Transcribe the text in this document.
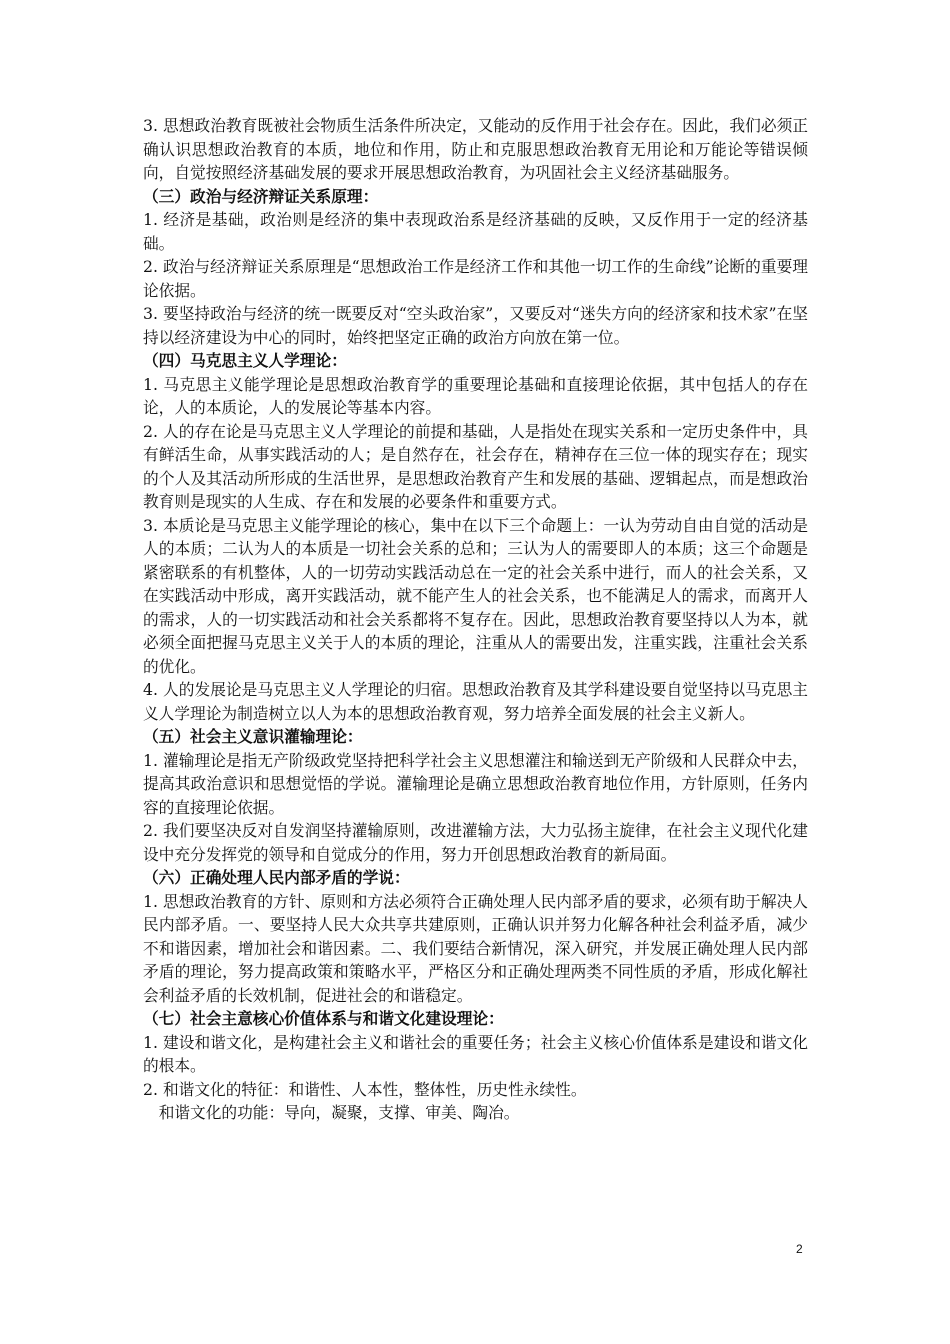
3. 思想政治教育既被社会物质生活条件所决定，又能动的反作用于社会存在。因此，我们必须正确认识思想政治教育的本质，地位和作用，防止和克服思想政治教育无用论和万能论等错误倾向，自觉按照经济基础发展的要求开展思想政治教育，为巩固社会主义经济基础服务。

（三）政治与经济辩证关系原理：

1. 经济是基础，政治则是经济的集中表现政治系是经济基础的反映，又反作用于一定的经济基础。

2. 政治与经济辩证关系原理是“思想政治工作是经济工作和其他一切工作的生命线”论断的重要理论依据。

3. 要坚持政治与经济的统一既要反对“空头政治家”，又要反对“迷失方向的经济家和技术家”在坚持以经济建设为中心的同时，始终把坚定正确的政治方向放在第一位。

（四）马克思主义人学理论：

1. 马克思主义能学理论是思想政治教育学的重要理论基础和直接理论依据，其中包括人的存在论，人的本质论，人的发展论等基本内容。

2. 人的存在论是马克思主义人学理论的前提和基础，人是指处在现实关系和一定历史条件中，具有鲜活生命，从事实践活动的人；是自然存在，社会存在，精神存在三位一体的现实存在；现实的个人及其活动所形成的生活世界，是思想政治教育产生和发展的基础、逻辑起点，而是想政治教育则是现实的人生成、存在和发展的必要条件和重要方式。

3. 本质论是马克思主义能学理论的核心，集中在以下三个命题上：一认为劳动自由自觉的活动是人的本质；二认为人的本质是一切社会关系的总和；三认为人的需要即人的本质；这三个命题是紧密联系的有机整体，人的一切劳动实践活动总在一定的社会关系中进行，而人的社会关系，又在实践活动中形成，离开实践活动，就不能产生人的社会关系，也不能满足人的需求，而离开人的需求，人的一切实践活动和社会关系都将不复存在。因此，思想政治教育要坚持以人为本，就必须全面把握马克思主义关于人的本质的理论，注重从人的需要出发，注重实践，注重社会关系的优化。

4. 人的发展论是马克思主义人学理论的归宿。思想政治教育及其学科建设要自觉坚持以马克思主义人学理论为制造树立以人为本的思想政治教育观，努力培养全面发展的社会主义新人。

（五）社会主义意识灌输理论：

1. 灌输理论是指无产阶级政党坚持把科学社会主义思想灌注和输送到无产阶级和人民群众中去，提高其政治意识和思想觉悟的学说。灌输理论是确立思想政治教育地位作用，方针原则，任务内容的直接理论依据。

2. 我们要坚决反对自发润坚持灌输原则，改进灌输方法，大力弘扬主旋律，在社会主义现代化建设中充分发挥党的领导和自觉成分的作用，努力开创思想政治教育的新局面。

（六）正确处理人民内部矛盾的学说：

1. 思想政治教育的方针、原则和方法必须符合正确处理人民内部矛盾的要求，必须有助于解决人民内部矛盾。一、要坚持人民大众共享共建原则，正确认识并努力化解各种社会利益矛盾，减少不和谐因素，增加社会和谐因素。二、我们要结合新情况，深入研究，并发展正确处理人民内部矛盾的理论，努力提高政策和策略水平，严格区分和正确处理两类不同性质的矛盾，形成化解社会利益矛盾的长效机制，促进社会的和谐稳定。

（七）社会主意核心价值体系与和谐文化建设理论：

1. 建设和谐文化，是构建社会主义和谐社会的重要任务；社会主义核心价值体系是建设和谐文化的根本。

2. 和谐文化的特征：和谐性、人本性，整体性，历史性永续性。

和谐文化的功能：导向，凝聚，支撑、审美、陶冶。

2
